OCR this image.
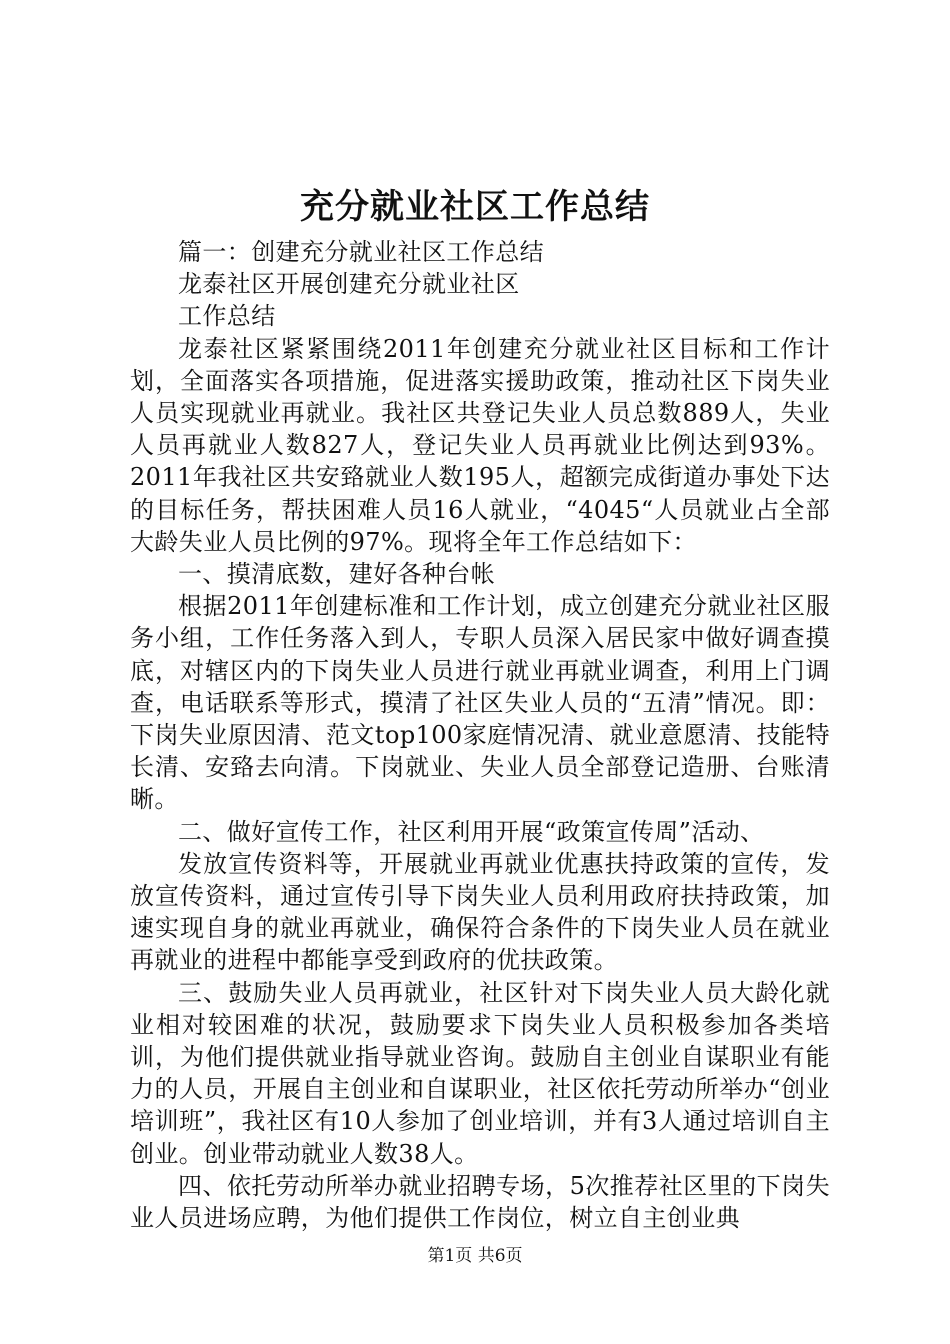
充分就业社区工作总结

篇一：创建充分就业社区工作总结

龙泰社区开展创建充分就业社区

工作总结

龙泰社区紧紧围绕2011年创建充分就业社区目标和工作计划，全面落实各项措施，促进落实援助政策，推动社区下岗失业人员实现就业再就业。我社区共登记失业人员总数889人，失业人员再就业人数827人，登记失业人员再就业比例达到93%。2011年我社区共安臵就业人数195人，超额完成街道办事处下达的目标任务，帮扶困难人员16人就业，“4045“人员就业占全部大龄失业人员比例的97%。现将全年工作总结如下：

一、摸清底数，建好各种台帐

根据2011年创建标准和工作计划，成立创建充分就业社区服务小组，工作任务落入到人，专职人员深入居民家中做好调查摸底，对辖区内的下岗失业人员进行就业再就业调查，利用上门调查，电话联系等形式，摸清了社区失业人员的“五清”情况。即：下岗失业原因清、范文top100家庭情况清、就业意愿清、技能特长清、安臵去向清。下岗就业、失业人员全部登记造册、台账清晰。

二、做好宣传工作，社区利用开展“政策宣传周”活动、

发放宣传资料等，开展就业再就业优惠扶持政策的宣传，发放宣传资料，通过宣传引导下岗失业人员利用政府扶持政策，加速实现自身的就业再就业，确保符合条件的下岗失业人员在就业再就业的进程中都能享受到政府的优扶政策。

三、鼓励失业人员再就业，社区针对下岗失业人员大龄化就业相对较困难的状况，鼓励要求下岗失业人员积极参加各类培训，为他们提供就业指导就业咨询。鼓励自主创业自谋职业有能力的人员，开展自主创业和自谋职业，社区依托劳动所举办“创业培训班”，我社区有10人参加了创业培训，并有3人通过培训自主创业。创业带动就业人数38人。

四、依托劳动所举办就业招聘专场，5次推荐社区里的下岗失业人员进场应聘，为他们提供工作岗位，树立自主创业典

第1页 共6页
